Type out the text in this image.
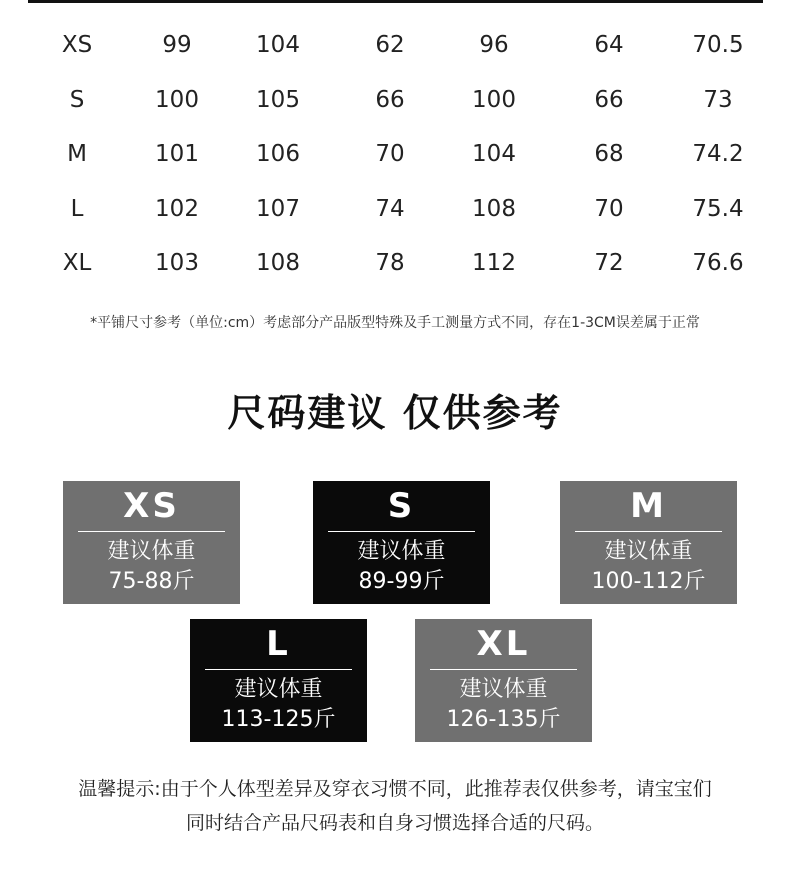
XS	99	104	62	96	64	70.5
S	100 105	66	100	66	73
M	101 106	70	104	68	74.2
L	102 107	74	108	70	75.4
XL	103 108	78	112	72	76.6
*平铺尺寸参考（单位:cm）考虑部分产品版型特殊及手工测量方式不同，存在1-3CM误差属于正常
尺码建议 仅供参考
XS
建议体重
75-88斤
S
建议体重
89-99斤
M
建议体重
100-112斤
L
建议体重
113-125斤
XL
建议体重
126-135斤
温馨提示:由于个人体型差异及穿衣习惯不同，此推荐表仅供参考，请宝宝们
同时结合产品尺码表和自身习惯选择合适的尺码。
